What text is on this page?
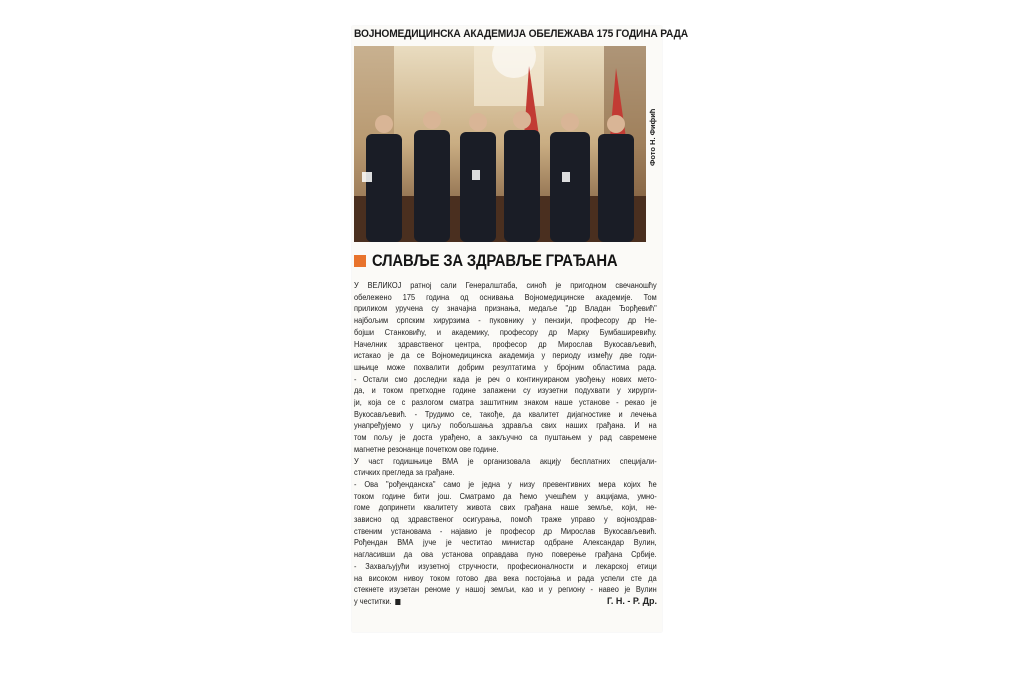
ВОЈНОМЕДИЦИНСКА АКАДЕМИЈА ОБЕЛЕЖАВА 175 ГОДИНА РАДА
Фото Н. Фифић
СЛАВЉЕ ЗА ЗДРАВЉЕ ГРАЂАНА
У ВЕЛИКОЈ ратној сали Генералштаба, синоћ је пригодном свечаношћу
обележено 175 година од оснивања Војномедицинске академије. Том
приликом уручена су значајна признања, медаље "др Владан Ђорђевић"
најбољим српским хирурзима - пуковнику у пензији, професору др Не-
бојши Станковићу, и академику, професору др Марку Бумбаширевићу.
Начелник здравственог центра, професор др Мирослав Вукосављевић,
истакао је да се Војномедицинска академија у периоду између две годи-
шњице може похвалити добрим резултатима у бројним областима рада.
- Остали смо доследни када је реч о континуираном увођењу нових мето-
да, и током претходне године запажени су изузетни подухвати у хирурги-
ји, која се с разлогом сматра заштитним знаком наше установе - рекао је
Вукосављевић. - Трудимо се, такође, да квалитет дијагностике и лечења
унапређујемо у циљу побољшања здравља свих наших грађана. И на
том пољу је доста урађено, а закључно са пуштањем у рад савремене
магнетне резонанце почетком ове године.
У част годишњице ВМА је организовала акцију бесплатних специјали-
стичких прегледа за грађане.
- Ова "рођенданска" само је једна у низу превентивних мера којих ће
током године бити још. Сматрамо да ћемо учешћем у акцијама, умно-
гоме допринети квалитету живота свих грађана наше земље, који, не-
зависно од здравственог осигурања, помоћ траже управо у војноздрав-
ственим установама - најавио је професор др Мирослав Вукосављевић.
Рођендан ВМА јуче је честитао министар одбране Александар Вулин,
нагласивши да ова установа оправдава пуно поверење грађана Србије.
- Захваљујући изузетној стручности, професионалности и лекарској етици
на високом нивоу током готово два века постојања и рада успели сте да
стекнете изузетан реноме у нашој земљи, као и у региону - навео је Вулин
у честитки.	Г. Н. - Р. Др.
